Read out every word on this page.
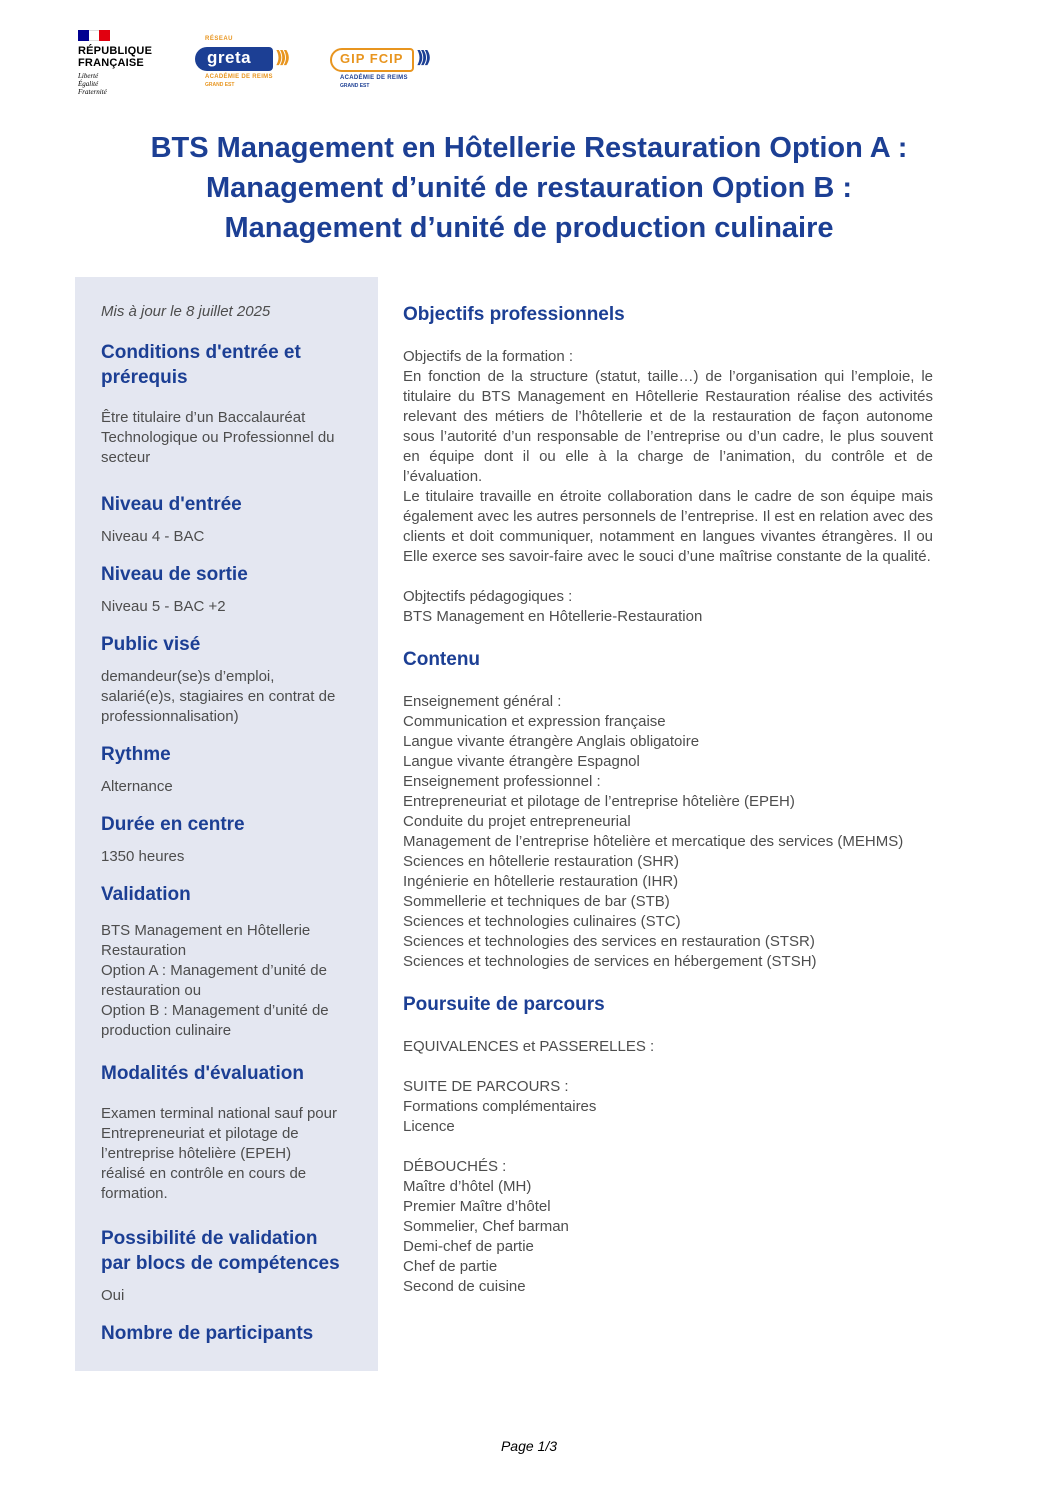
RÉPUBLIQUE
FRANÇAISE
Liberté
Égalité
Fraternité
RÉSEAU
greta )))
ACADÉMIE DE REIMS
GRAND EST
GIP FCIP )))
ACADÉMIE DE REIMS
GRAND EST
BTS Management en Hôtellerie Restauration Option A :
Management d’unité de restauration Option B :
Management d’unité de production culinaire
Mis à jour le 8 juillet 2025
Conditions d'entrée et
prérequis

Être titulaire d’un Baccalauréat
Technologique ou Professionnel du
secteur

Niveau d'entrée

Niveau 4 - BAC

Niveau de sortie

Niveau 5 - BAC +2

Public visé

demandeur(se)s d’emploi,
salarié(e)s, stagiaires en contrat de
professionnalisation)

Rythme

Alternance

Durée en centre

1350 heures

Validation

BTS Management en Hôtellerie
Restauration
Option A : Management d’unité de
restauration ou
Option B : Management d’unité de
production culinaire

Modalités d'évaluation

Examen terminal national sauf pour
Entrepreneuriat et pilotage de
l’entreprise hôtelière (EPEH)
réalisé en contrôle en cours de
formation.

Possibilité de validation
par blocs de compétences

Oui

Nombre de participants
Objectifs professionnels
Objectifs de la formation :

En fonction de la structure (statut, taille…) de l’organisation qui l’emploie, le titulaire du BTS Management en Hôtellerie Restauration réalise des activités relevant des métiers de l’hôtellerie et de la restauration de façon autonome sous l’autorité d’un responsable de l’entreprise ou d’un cadre, le plus souvent en équipe dont il ou elle à la charge de l’animation, du contrôle et de l’évaluation.

Le titulaire travaille en étroite collaboration dans le cadre de son équipe mais également avec les autres personnels de l’entreprise. Il est en relation avec des clients et doit communiquer, notamment en langues vivantes étrangères. Il ou Elle exerce ses savoir-faire avec le souci d’une maîtrise constante de la qualité.

Objtectifs pédagogiques :
BTS Management en Hôtellerie-Restauration
Contenu
Enseignement général :
Communication et expression française
Langue vivante étrangère Anglais obligatoire
Langue vivante étrangère Espagnol
Enseignement professionnel :
Entrepreneuriat et pilotage de l’entreprise hôtelière (EPEH)
Conduite du projet entrepreneurial
Management de l’entreprise hôtelière et mercatique des services (MEHMS)
Sciences en hôtellerie restauration (SHR)
Ingénierie en hôtellerie restauration (IHR)
Sommellerie et techniques de bar (STB)
Sciences et technologies culinaires (STC)
Sciences et technologies des services en restauration (STSR)
Sciences et technologies de services en hébergement (STSH)
Poursuite de parcours
EQUIVALENCES et PASSERELLES :
SUITE DE PARCOURS :
Formations complémentaires
Licence
DÉBOUCHÉS :
Maître d’hôtel (MH)
Premier Maître d’hôtel
Sommelier, Chef barman
Demi-chef de partie
Chef de partie
Second de cuisine
Page 1/3
